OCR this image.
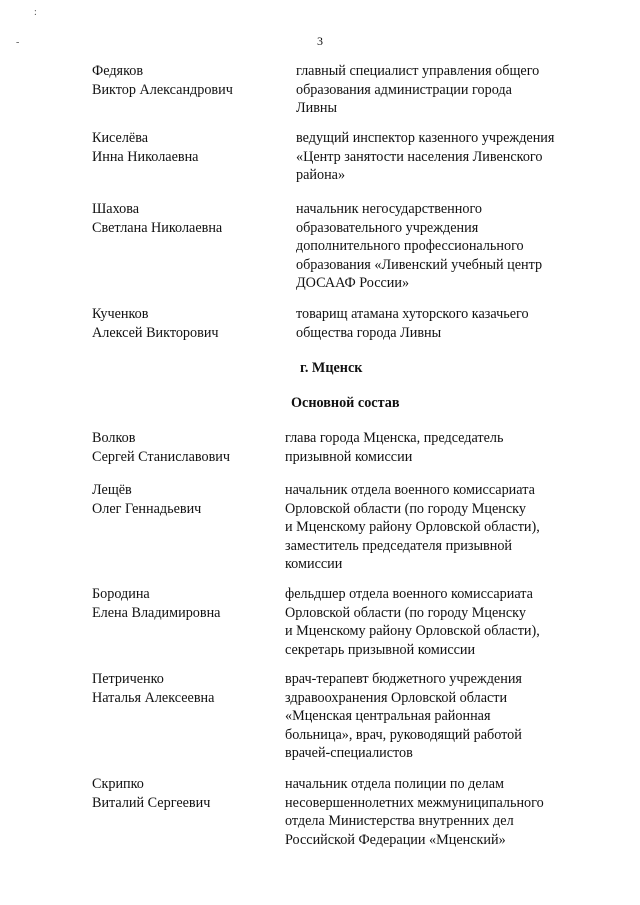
:
-	3
Федяков
Виктор Александрович
главный специалист управления общего
образования администрации города
Ливны
Киселёва
Инна Николаевна
ведущий инспектор казенного учреждения
«Центр занятости населения Ливенского
района»
Шахова
Светлана Николаевна
начальник негосударственного
образовательного учреждения
дополнительного профессионального
образования «Ливенский учебный центр
ДОСААФ России»
Кученков
Алексей Викторович
товарищ атамана хуторского казачьего
общества города Ливны
г. Мценск
Основной состав
Волков
Сергей Станиславович
глава города Мценска, председатель
призывной комиссии
Лещёв
Олег Геннадьевич
начальник отдела военного комиссариата
Орловской области (по городу Мценску
и Мценскому району Орловской области),
заместитель председателя призывной
комиссии
Бородина
Елена Владимировна
фельдшер отдела военного комиссариата
Орловской области (по городу Мценску
и Мценскому району Орловской области),
секретарь призывной комиссии
Петриченко
Наталья Алексеевна
врач-терапевт бюджетного учреждения
здравоохранения Орловской области
«Мценская центральная районная
больница», врач, руководящий работой
врачей-специалистов
Скрипко
Виталий Сергеевич
начальник отдела полиции по делам
несовершеннолетних межмуниципального
отдела Министерства внутренних дел
Российской Федерации «Мценский»
